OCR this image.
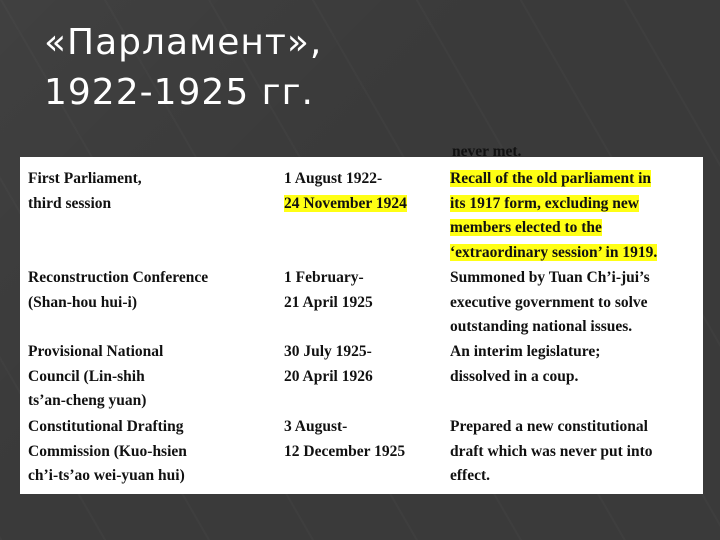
«Парламент»,
1922-1925 гг.
never met.
First Parliament,
third session
1 August 1922-
24 November 1924
Recall of the old parliament in
its 1917 form, excluding new
members elected to the
‘extraordinary session’ in 1919.
Reconstruction Conference
(Shan-hou hui-i)
1 February-
21 April 1925
Summoned by Tuan Ch’i-jui’s
executive government to solve
outstanding national issues.
Provisional National
Council (Lin-shih
ts’an-cheng yuan)
30 July 1925-
20 April 1926
An interim legislature;
dissolved in a coup.
Constitutional Drafting
Commission (Kuo-hsien
ch’i-ts’ao wei-yuan hui)
3 August-
12 December 1925
Prepared a new constitutional
draft which was never put into
effect.
